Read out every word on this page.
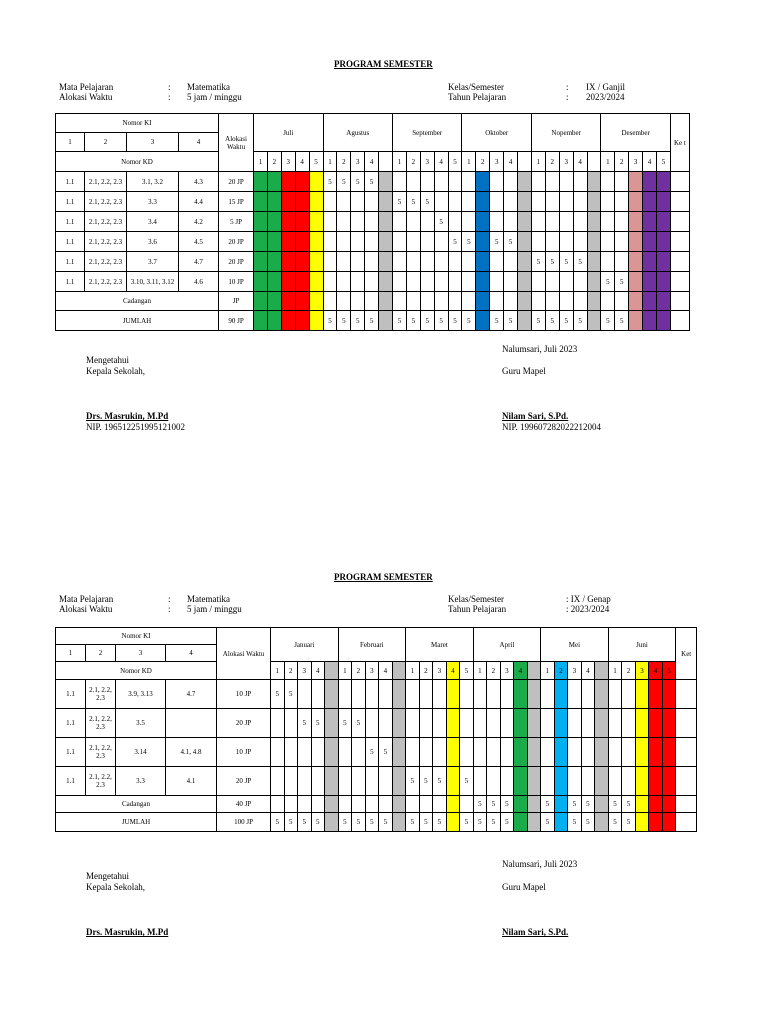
PROGRAM SEMESTER
Mata Pelajaran	: Matematika
Alokasi Waktu	: 5 jam / minggu
Kelas/Semester	: IX / Ganjil
Tahun Pelajaran	: 2023/2024
Nomor KI				Alokasi Waktu	Juli					Agustus					September					Oktober					Nopember					Desember					Ke t
1	2	3	4																																
Nomor KD					1	2	3	4	5	1	2	3	4		1	2	3	4	5	1	2	3	4		1	2	3	4		1	2	3	4	5	
1.1	2.1, 2.2, 2.3	3.1, 3.2	4.3	20 JP						5	5	5	5																						
1.1	2.1, 2.2, 2.3	3.3	4.4	15 JP											5	5	5																		
1.1	2.1, 2.2, 2.3	3.4	4.2	5 JP														5																	
1.1	2.1, 2.2, 2.3	3.6	4.5	20 JP															5	5		5	5												
1.1	2.1, 2.2, 2.3	3.7	4.7	20 JP																					5	5	5	5							
1.1	2.1, 2.2, 2.3	3.10, 3.11, 3.12	4.6	10 JP																										5	5				
Cadangan				JP																															
JUMLAH				90 JP						5	5	5	5		5	5	5	5	5	5		5	5		5	5	5	5		5	5				
Nalumsari, Juli 2023
Mengetahui
Kepala Sekolah,	Guru Mapel
Drs. Masrukin, M.Pd
NIP. 196512251995121002
Nilam Sari, S.Pd.
NIP. 199607282022212004
PROGRAM SEMESTER
Mata Pelajaran	: Matematika
Alokasi Waktu	: 5 jam / minggu
Kelas/Semester	: IX / Genap
Tahun Pelajaran	: 2023/2024
Nomor KI				Alokasi Waktu	Januari					Februari					Maret					April					Mei					Juni					Ket
1	2	3	4																																
Nomor KD					1	2	3	4		1	2	3	4		1	2	3	4	5	1	2	3	4		1	2	3	4		1	2	3	4	5	
1.1	2.1, 2.2, 2.3	3.9, 3.13	4.7	10 JP	5	5																													
1.1	2.1, 2.2, 2.3	3.5		20 JP			5	5		5	5																								
1.1	2.1, 2.2, 2.3	3.14	4.1, 4.8	10 JP								5	5																						
1.1	2.1, 2.2, 2.3	3.3	4.1	20 JP											5	5	5		5																
Cadangan				40 JP																5	5	5			5		5	5		5	5				
JUMLAH				100 JP	5	5	5	5		5	5	5	5		5	5	5		5	5	5	5			5		5	5		5	5				
Nalumsari, Juli 2023
Mengetahui
Kepala Sekolah,	Guru Mapel
Drs. Masrukin, M.Pd	Nilam Sari, S.Pd.
